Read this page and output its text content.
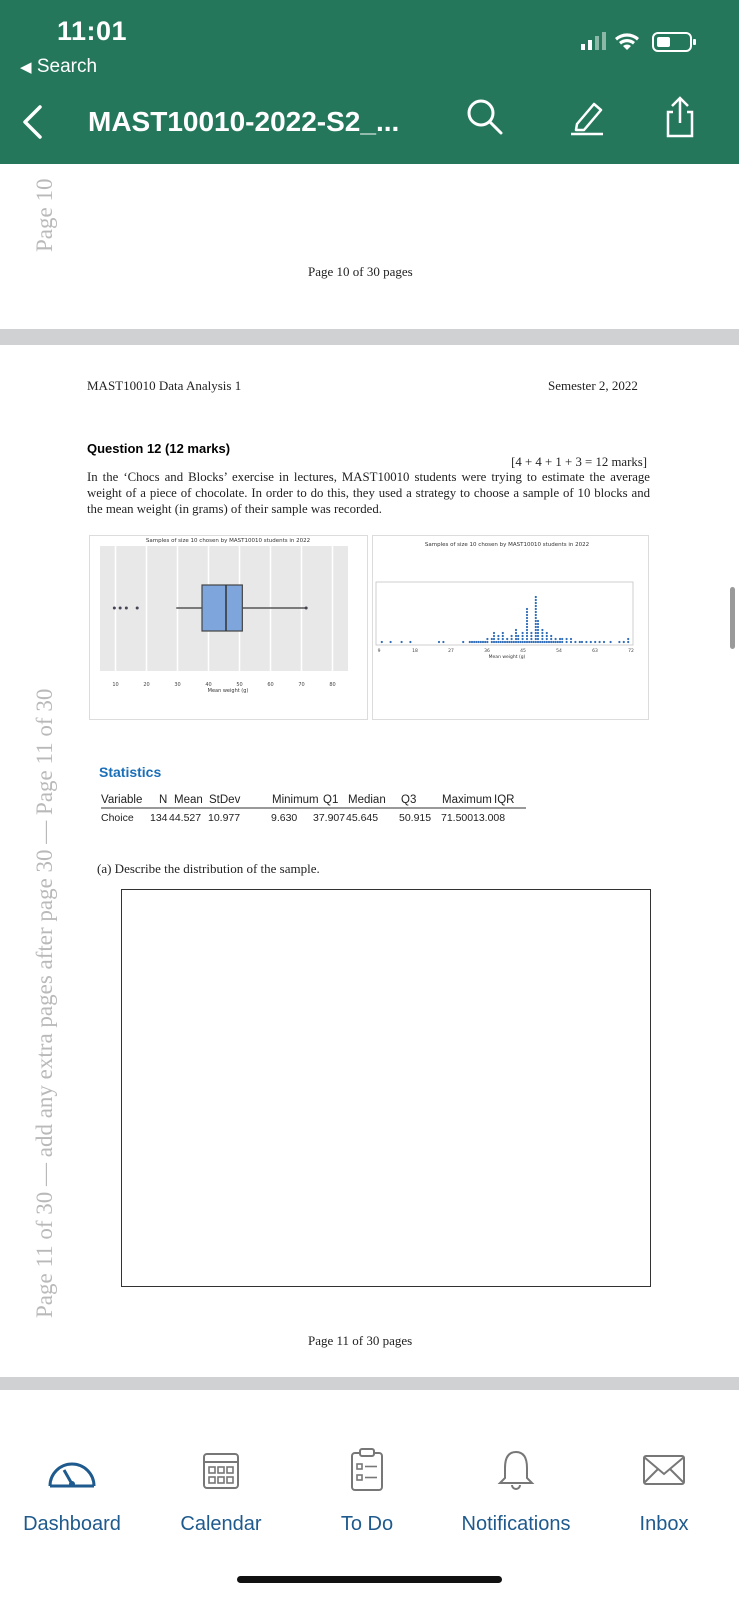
11:01
◀ Search
MAST10010-2022-S2_...
Page 10
Page 10 of 30 pages
Page 11 of 30 — add any extra pages after page 30 — Page 11 of 30
MAST10010 Data Analysis 1	Semester 2, 2022
Question 12 (12 marks)
[4 + 4 + 1 + 3 = 12 marks]
In the ‘Chocs and Blocks’ exercise in lectures, MAST10010 students were trying to estimate the average weight of a piece of chocolate. In order to do this, they used a strategy to choose a sample of 10 blocks and the mean weight (in grams) of their sample was recorded.
Samples of size 10 chosen by MAST10010 students in 2022
10	20	30	40	50	60	70	80
Mean weight (g)
Samples of size 10 chosen by MAST10010 students in 2022
9	18	27	36	45	54	63	72
Mean weight (g)
Statistics
Variable N Mean StDev	Minimum Q1 Median Q3 Maximum IQR
Choice 134 44.527 10.977	9.630 37.907 45.645 50.915 71.500 13.008
(a) Describe the distribution of the sample.
Page 11 of 30 pages
Dashboard	Calendar	To Do	Notifications	Inbox
